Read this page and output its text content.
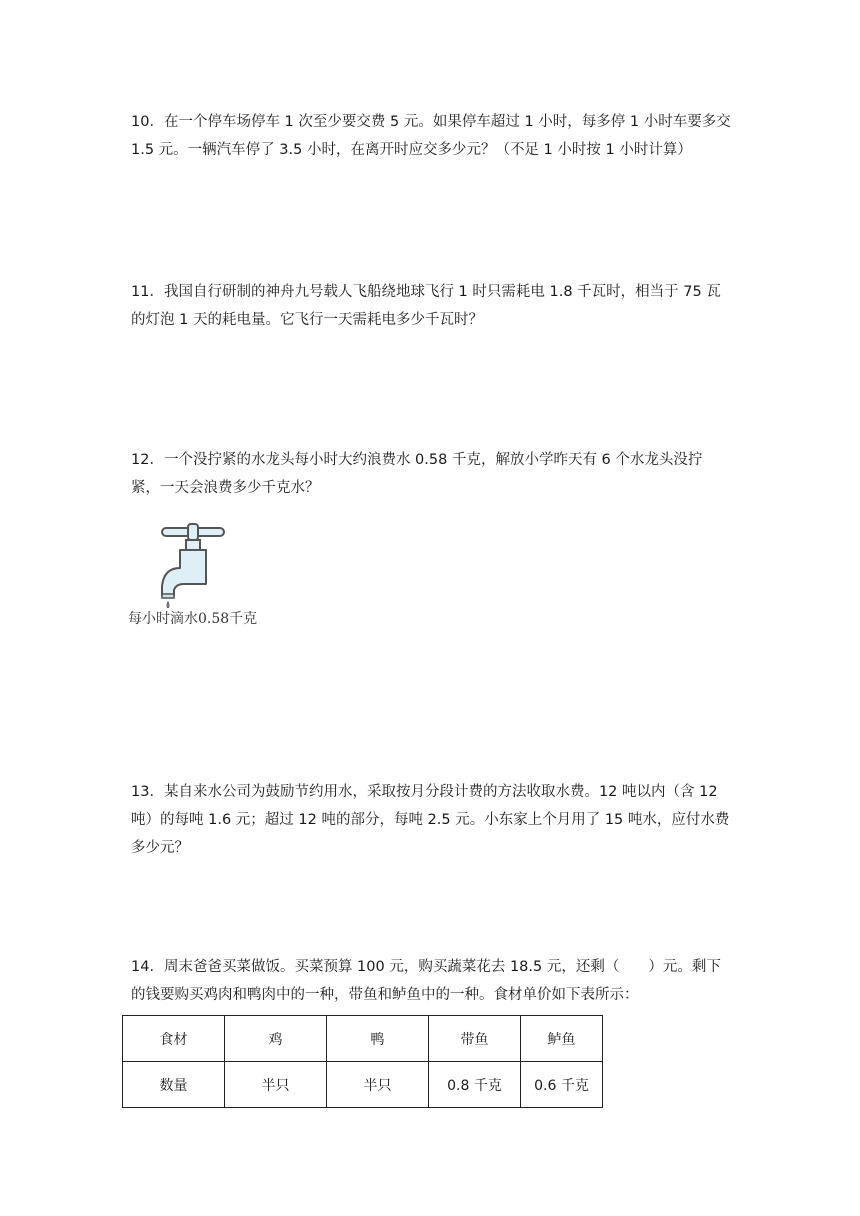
10．在一个停车场停车 1 次至少要交费 5 元。如果停车超过 1 小时，每多停 1 小时车要多交 1.5 元。一辆汽车停了 3.5 小时，在离开时应交多少元？（不足 1 小时按 1 小时计算）

11．我国自行研制的神舟九号载人飞船绕地球飞行 1 时只需耗电 1.8 千瓦时，相当于 75 瓦的灯泡 1 天的耗电量。它飞行一天需耗电多少千瓦时？

12．一个没拧紧的水龙头每小时大约浪费水 0.58 千克，解放小学昨天有 6 个水龙头没拧紧，一天会浪费多少千克水？

每小时滴水0.58千克

13．某自来水公司为鼓励节约用水，采取按月分段计费的方法收取水费。12 吨以内（含 12 吨）的每吨 1.6 元；超过 12 吨的部分，每吨 2.5 元。小东家上个月用了 15 吨水，应付水费多少元？

14．周末爸爸买菜做饭。买菜预算 100 元，购买蔬菜花去 18.5 元，还剩（　　）元。剩下的钱要购买鸡肉和鸭肉中的一种，带鱼和鲈鱼中的一种。食材单价如下表所示：

食材	鸡	鸭	带鱼	鲈鱼
数量	半只	半只	0.8 千克	0.6 千克
